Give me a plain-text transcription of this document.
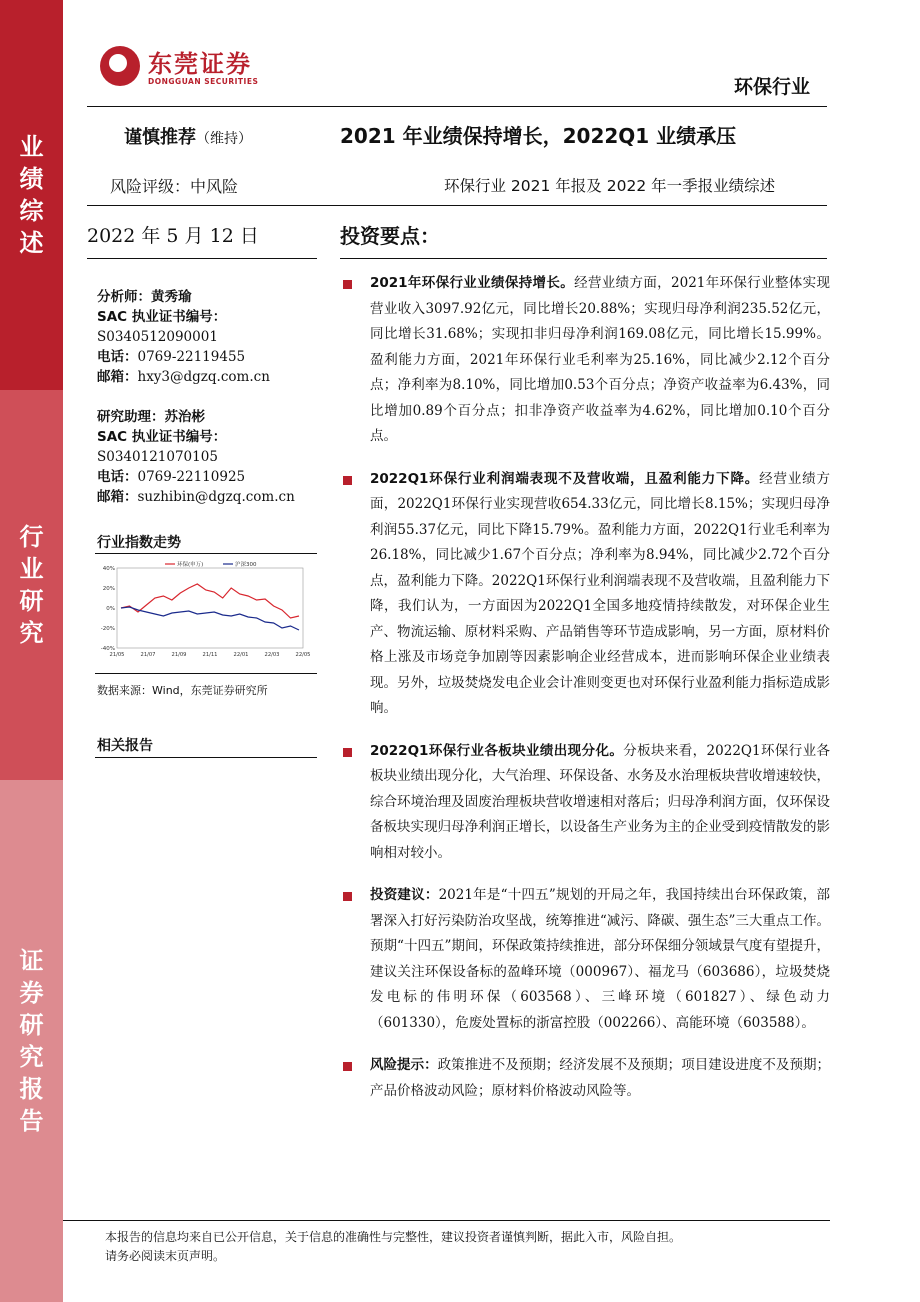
业绩综述
行业研究
证券研究报告
东莞证券
DONGGUAN SECURITIES	环保行业
谨慎推荐（维持）	2021 年业绩保持增长，2022Q1 业绩承压
风险评级：中风险	环保行业 2021 年报及 2022 年一季报业绩综述
2022 年 5 月 12 日	投资要点：
分析师：黄秀瑜
SAC 执业证书编号：
S0340512090001
电话：0769-22119455
邮箱：hxy3@dgzq.com.cn
研究助理：苏治彬
SAC 执业证书编号：
S0340121070105
电话：0769-22110925
邮箱：suzhibin@dgzq.com.cn
行业指数走势
40%
20%
0%
-20%
-40%
21/05	21/07	21/09	21/11	22/01	22/03	22/05
环保(申万)	沪深300
数据来源：Wind，东莞证券研究所
相关报告
2021年环保行业业绩保持增长。经营业绩方面，2021年环保行业整体实现营业收入3097.92亿元，同比增长20.88%；实现归母净利润235.52亿元，同比增长31.68%；实现扣非归母净利润169.08亿元，同比增长15.99%。盈利能力方面，2021年环保行业毛利率为25.16%，同比减少2.12个百分点；净利率为8.10%，同比增加0.53个百分点；净资产收益率为6.43%，同比增加0.89个百分点；扣非净资产收益率为4.62%，同比增加0.10个百分点。
2022Q1环保行业利润端表现不及营收端，且盈利能力下降。经营业绩方面，2022Q1环保行业实现营收654.33亿元，同比增长8.15%；实现归母净利润55.37亿元，同比下降15.79%。盈利能力方面，2022Q1行业毛利率为26.18%，同比减少1.67个百分点；净利率为8.94%，同比减少2.72个百分点，盈利能力下降。2022Q1环保行业利润端表现不及营收端，且盈利能力下降，我们认为，一方面因为2022Q1全国多地疫情持续散发，对环保企业生产、物流运输、原材料采购、产品销售等环节造成影响，另一方面，原材料价格上涨及市场竞争加剧等因素影响企业经营成本，进而影响环保企业业绩表现。另外，垃圾焚烧发电企业会计准则变更也对环保行业盈利能力指标造成影响。
2022Q1环保行业各板块业绩出现分化。分板块来看，2022Q1环保行业各板块业绩出现分化，大气治理、环保设备、水务及水治理板块营收增速较快，综合环境治理及固废治理板块营收增速相对落后；归母净利润方面，仅环保设备板块实现归母净利润正增长，以设备生产业务为主的企业受到疫情散发的影响相对较小。
投资建议：2021年是“十四五”规划的开局之年，我国持续出台环保政策，部署深入打好污染防治攻坚战，统筹推进“减污、降碳、强生态”三大重点工作。预期“十四五”期间，环保政策持续推进，部分环保细分领域景气度有望提升，建议关注环保设备标的盈峰环境（000967）、福龙马（603686），垃圾焚烧发电标的伟明环保（603568）、三峰环境（601827）、绿色动力（601330），危废处置标的浙富控股（002266）、高能环境（603588）。
风险提示：政策推进不及预期；经济发展不及预期；项目建设进度不及预期；产品价格波动风险；原材料价格波动风险等。
本报告的信息均来自已公开信息，关于信息的准确性与完整性，建议投资者谨慎判断，据此入市，风险自担。
请务必阅读末页声明。
